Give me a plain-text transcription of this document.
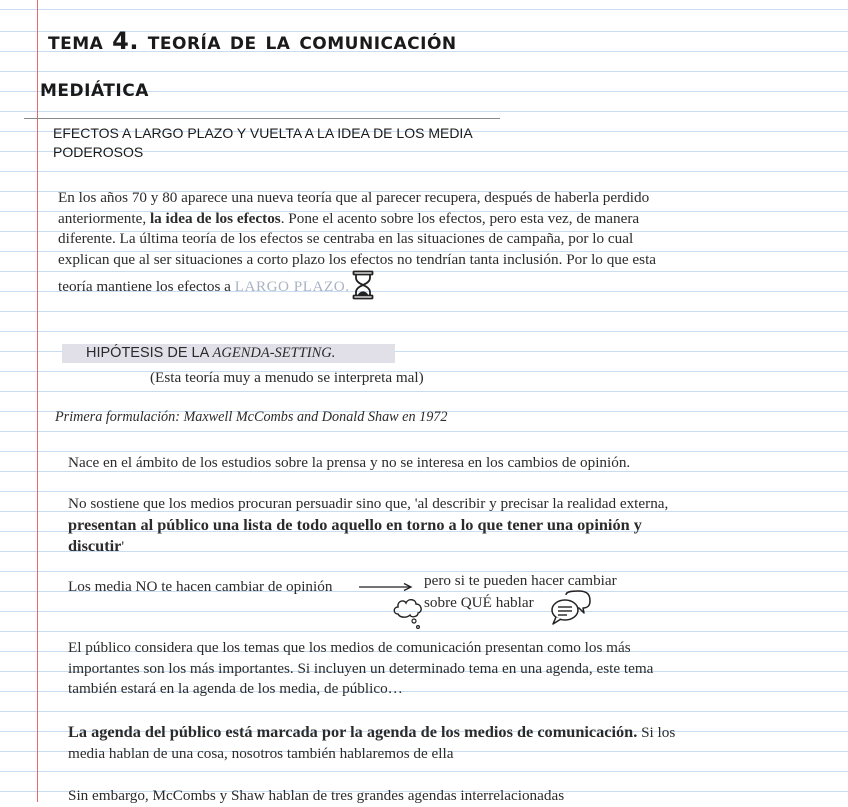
tema 4. teoría de la comunicación
mediática

EFECTOS A LARGO PLAZO Y VUELTA A LA IDEA DE LOS MEDIA PODEROSOS

En los años 70 y 80 aparece una nueva teoría que al parecer recupera, después de haberla perdido anteriormente, la idea de los efectos. Pone el acento sobre los efectos, pero esta vez, de manera diferente. La última teoría de los efectos se centraba en las situaciones de campaña, por lo cual explican que al ser situaciones a corto plazo los efectos no tendrían tanta inclusión. Por lo que esta teoría mantiene los efectos a LARGO PLAZO.

HIPÓTESIS DE LA AGENDA-SETTING.

(Esta teoría muy a menudo se interpreta mal)

Primera formulación: Maxwell McCombs and Donald Shaw en 1972

Nace en el ámbito de los estudios sobre la prensa y no se interesa en los cambios de opinión.

No sostiene que los medios procuran persuadir sino que, 'al describir y precisar la realidad externa, presentan al público una lista de todo aquello en torno a lo que tener una opinión y discutir'

Los media NO te hacen cambiar de opinión	pero si te pueden hacer cambiar

sobre QUÉ hablar

El público considera que los temas que los medios de comunicación presentan como los más importantes son los más importantes. Si incluyen un determinado tema en una agenda, este tema también estará en la agenda de los media, de público…

La agenda del público está marcada por la agenda de los medios de comunicación. Si los media hablan de una cosa, nosotros también hablaremos de ella

Sin embargo, McCombs y Shaw hablan de tres grandes agendas interrelacionadas
